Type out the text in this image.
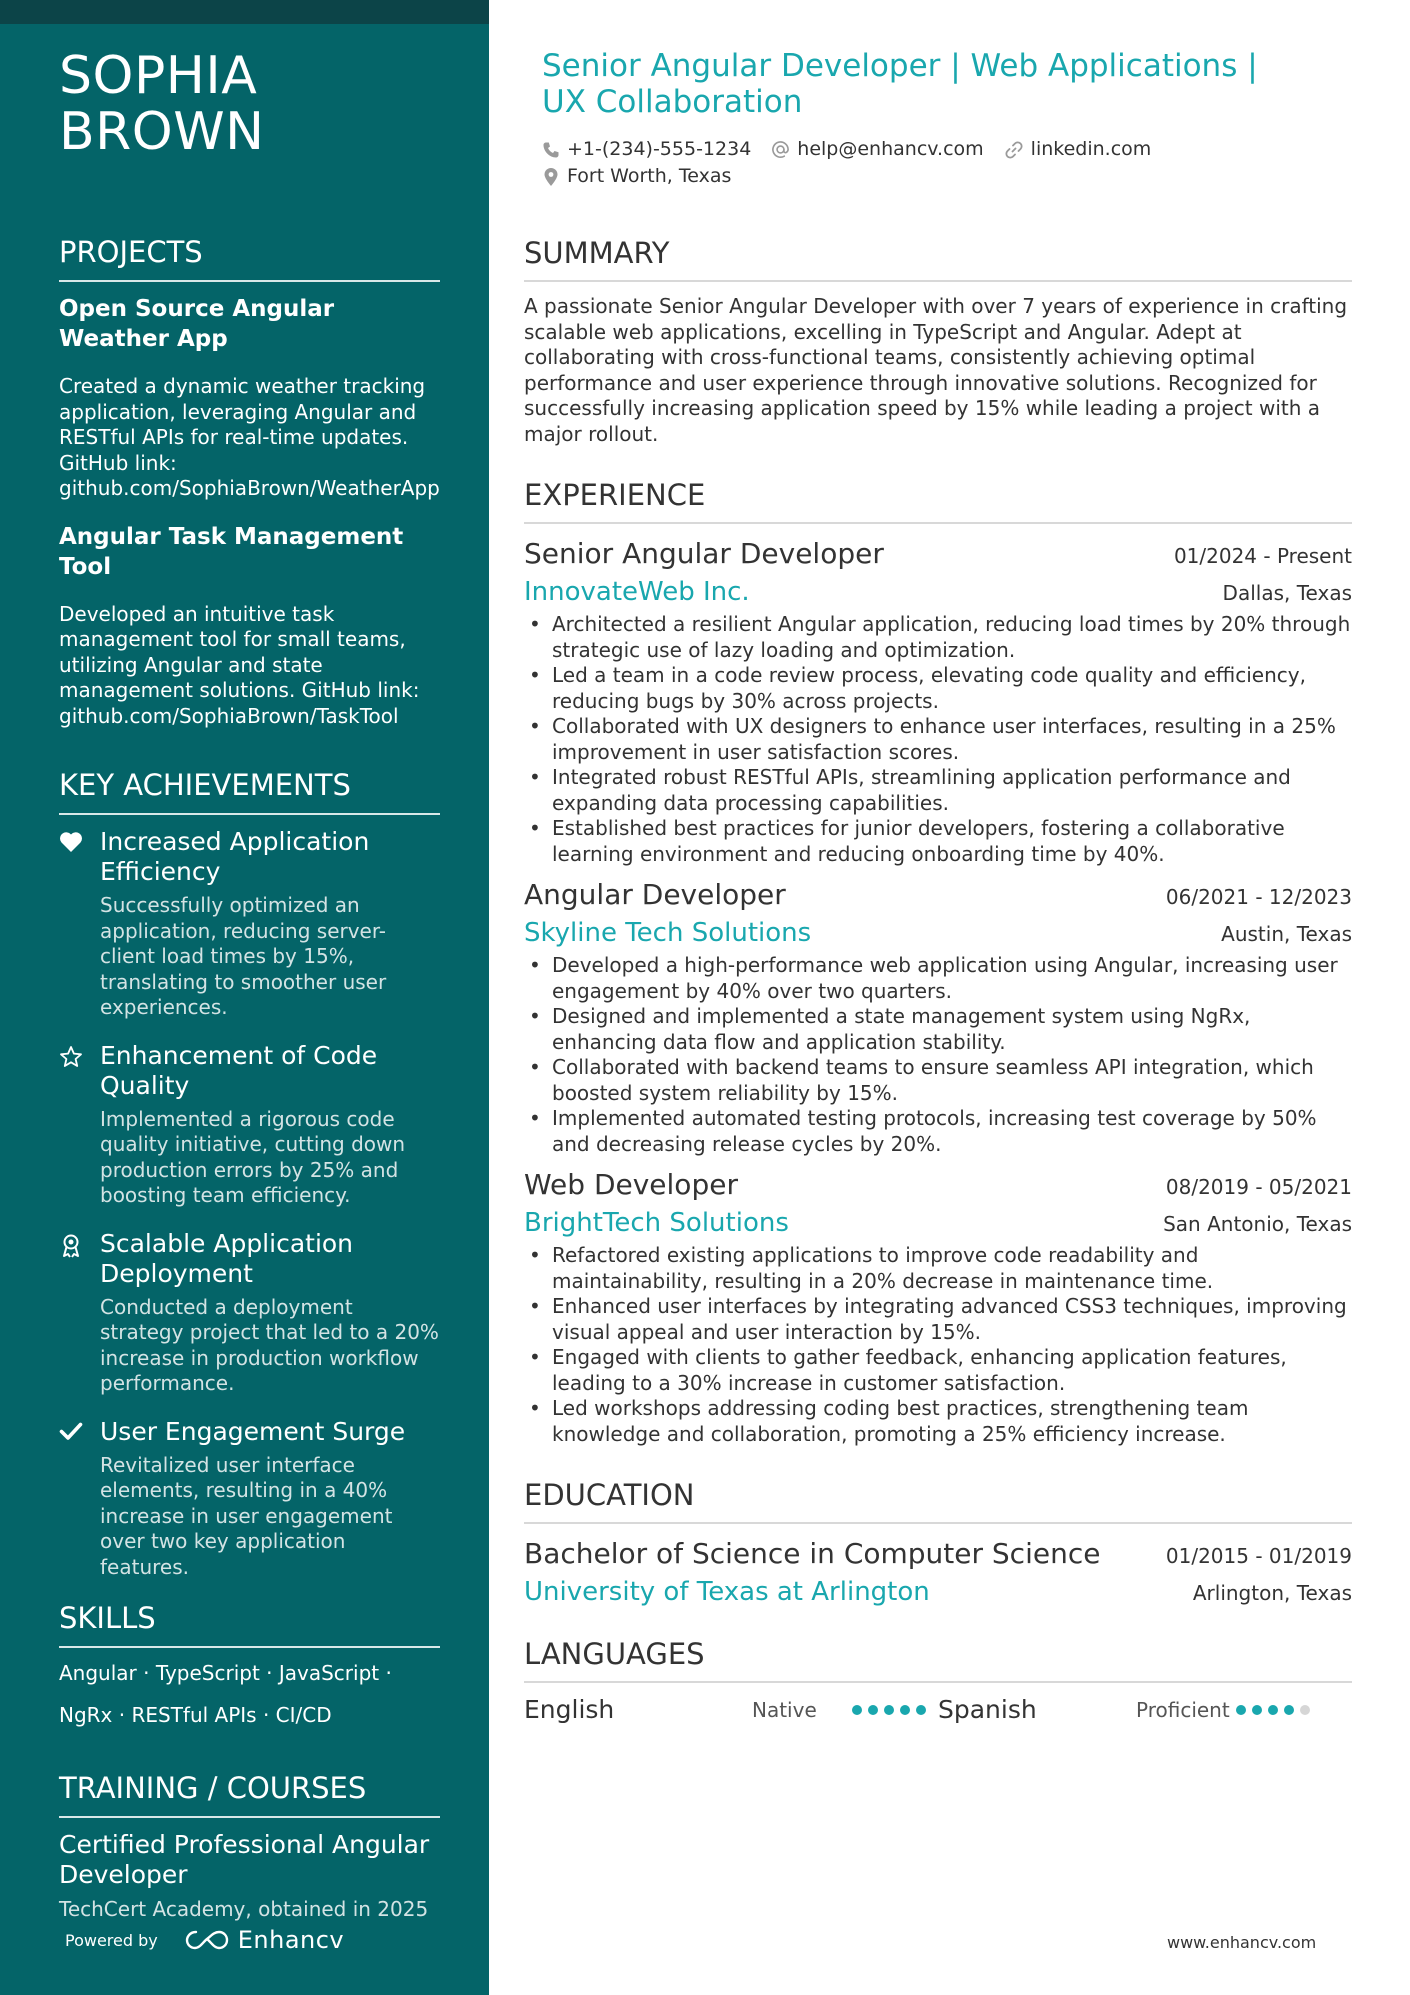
SOPHIA
BROWN
PROJECTS
Open Source Angular Weather App

Created a dynamic weather tracking application, leveraging Angular and RESTful APIs for real-time updates. GitHub link: github.com/SophiaBrown/WeatherApp

Angular Task Management Tool

Developed an intuitive task management tool for small teams, utilizing Angular and state management solutions. GitHub link: github.com/SophiaBrown/TaskTool

KEY ACHIEVEMENTS
Increased Application Efficiency
Successfully optimized an application, reducing server-client load times by 15%, translating to smoother user experiences.
Enhancement of Code Quality
Implemented a rigorous code quality initiative, cutting down production errors by 25% and boosting team efficiency.
Scalable Application Deployment
Conducted a deployment strategy project that led to a 20% increase in production workflow performance.
User Engagement Surge
Revitalized user interface elements, resulting in a 40% increase in user engagement over two key application features.
SKILLS
Angular · TypeScript · JavaScript ·
NgRx · RESTful APIs · CI/CD
TRAINING / COURSES
Certified Professional Angular Developer
TechCert Academy, obtained in 2025
Powered by	Enhancv
Senior Angular Developer | Web Applications | UX Collaboration
+1-(234)-555-1234 help@enhancv.com linkedin.com
Fort Worth, Texas
SUMMARY

A passionate Senior Angular Developer with over 7 years of experience in crafting scalable web applications, excelling in TypeScript and Angular. Adept at collaborating with cross-functional teams, consistently achieving optimal performance and user experience through innovative solutions. Recognized for successfully increasing application speed by 15% while leading a project with a major rollout.

EXPERIENCE
Senior Angular Developer	01/2024 - Present
InnovateWeb Inc.	Dallas, Texas
• Architected a resilient Angular application, reducing load times by 20% through strategic use of lazy loading and optimization.
• Led a team in a code review process, elevating code quality and efficiency, reducing bugs by 30% across projects.
• Collaborated with UX designers to enhance user interfaces, resulting in a 25% improvement in user satisfaction scores.
• Integrated robust RESTful APIs, streamlining application performance and expanding data processing capabilities.
• Established best practices for junior developers, fostering a collaborative learning environment and reducing onboarding time by 40%.
Angular Developer	06/2021 - 12/2023
Skyline Tech Solutions	Austin, Texas
• Developed a high-performance web application using Angular, increasing user engagement by 40% over two quarters.
• Designed and implemented a state management system using NgRx, enhancing data flow and application stability.
• Collaborated with backend teams to ensure seamless API integration, which boosted system reliability by 15%.
• Implemented automated testing protocols, increasing test coverage by 50% and decreasing release cycles by 20%.
Web Developer	08/2019 - 05/2021
BrightTech Solutions	San Antonio, Texas
• Refactored existing applications to improve code readability and maintainability, resulting in a 20% decrease in maintenance time.
• Enhanced user interfaces by integrating advanced CSS3 techniques, improving visual appeal and user interaction by 15%.
• Engaged with clients to gather feedback, enhancing application features, leading to a 30% increase in customer satisfaction.
• Led workshops addressing coding best practices, strengthening team knowledge and collaboration, promoting a 25% efficiency increase.
EDUCATION
Bachelor of Science in Computer Science	01/2015 - 01/2019
University of Texas at Arlington	Arlington, Texas
LANGUAGES
English	Native	Spanish	Proficient
www.enhancv.com
